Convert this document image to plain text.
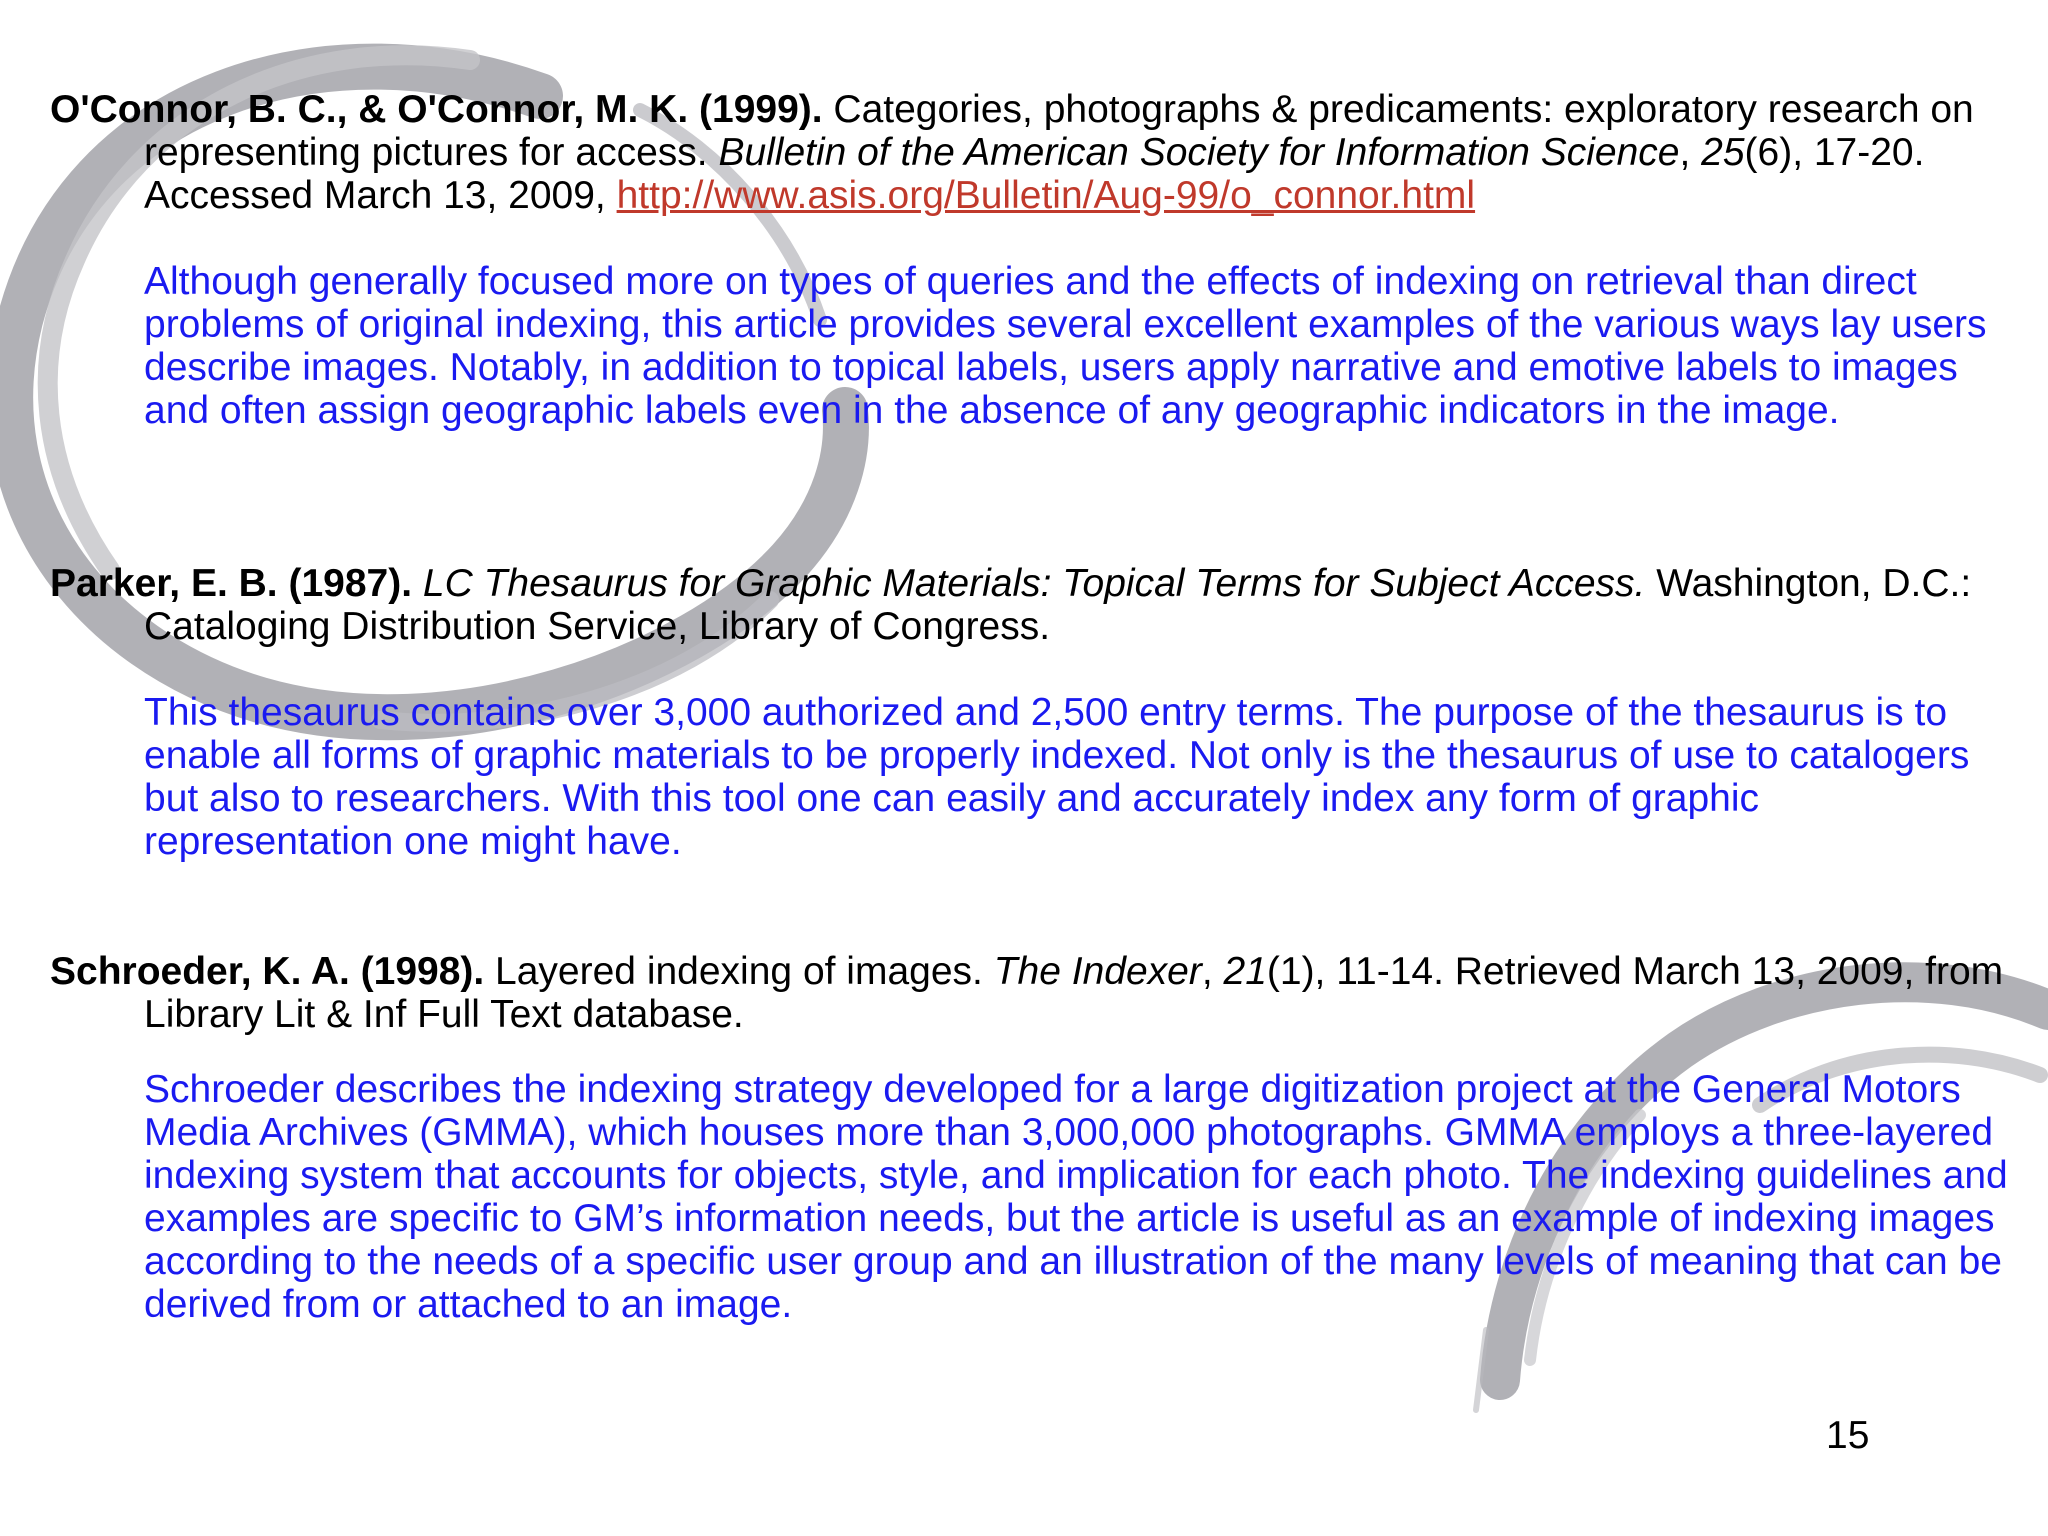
O'Connor, B. C., & O'Connor, M. K. (1999). Categories, photographs & predicaments: exploratory research on representing pictures for access. Bulletin of the American Society for Information Science, 25(6), 17-20. Accessed March 13, 2009, http://www.asis.org/Bulletin/Aug-99/o_connor.html

Although generally focused more on types of queries and the effects of indexing on retrieval than direct problems of original indexing, this article provides several excellent examples of the various ways lay users describe images. Notably, in addition to topical labels, users apply narrative and emotive labels to images and often assign geographic labels even in the absence of any geographic indicators in the image.

Parker, E. B. (1987). LC Thesaurus for Graphic Materials: Topical Terms for Subject Access. Washington, D.C.: Cataloging Distribution Service, Library of Congress.

This thesaurus contains over 3,000 authorized and 2,500 entry terms. The purpose of the thesaurus is to enable all forms of graphic materials to be properly indexed. Not only is the thesaurus of use to catalogers but also to researchers. With this tool one can easily and accurately index any form of graphic representation one might have.

Schroeder, K. A. (1998). Layered indexing of images. The Indexer, 21(1), 11-14. Retrieved March 13, 2009, from Library Lit & Inf Full Text database.

Schroeder describes the indexing strategy developed for a large digitization project at the General Motors Media Archives (GMMA), which houses more than 3,000,000 photographs. GMMA employs a three-layered indexing system that accounts for objects, style, and implication for each photo. The indexing guidelines and examples are specific to GM’s information needs, but the article is useful as an example of indexing images according to the needs of a specific user group and an illustration of the many levels of meaning that can be derived from or attached to an image.

15
